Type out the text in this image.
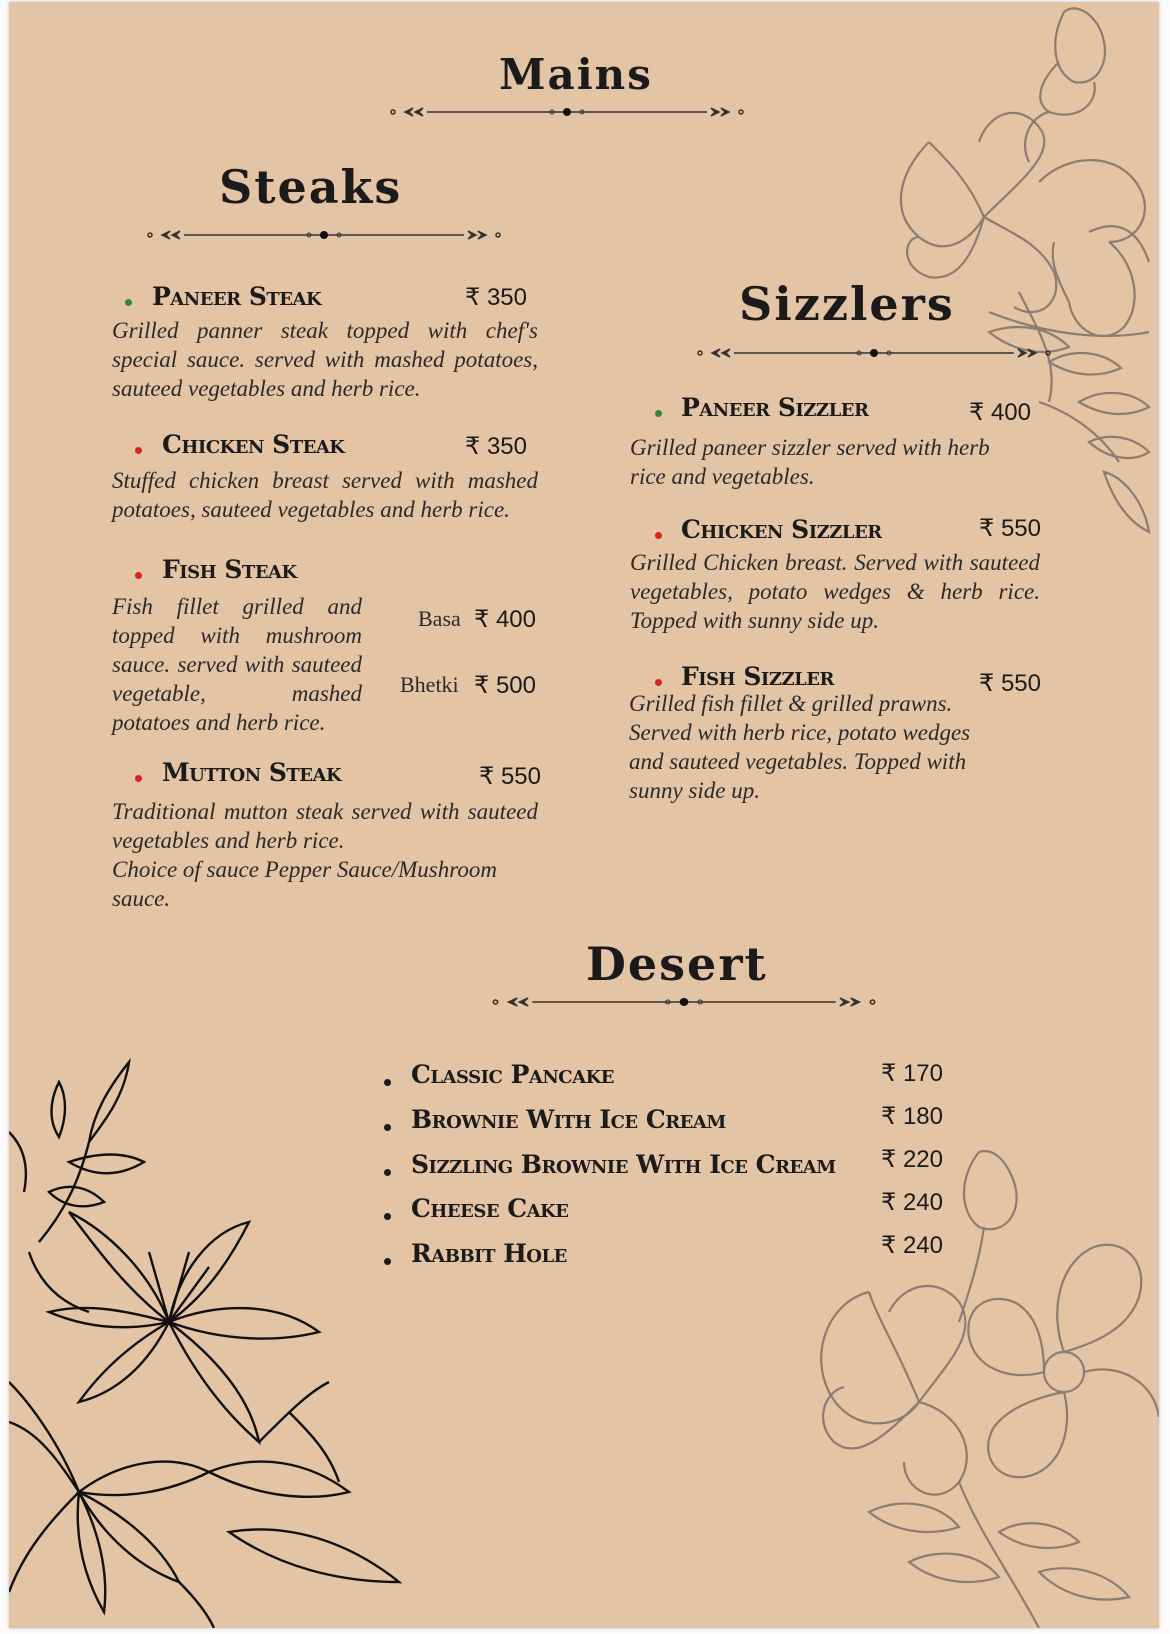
Mains
Steaks
Paneer Steak	₹ 350
Grilled panner steak topped with chef's special sauce. served with mashed potatoes, sauteed vegetables and herb rice.
Chicken Steak	₹ 350
Stuffed chicken breast served with mashed potatoes, sauteed vegetables and herb rice.
Fish Steak
Fish fillet grilled and topped with mushroom sauce. served with sauteed vegetable, mashed potatoes and herb rice.
Basa ₹ 400
Bhetki ₹ 500
Mutton Steak	₹ 550
Traditional mutton steak served with sauteed vegetables and herb rice.
Choice of sauce Pepper Sauce/Mushroom sauce.
Sizzlers
Paneer Sizzler	₹ 400
Grilled paneer sizzler served with herb rice and vegetables.
Chicken Sizzler	₹ 550
Grilled Chicken breast. Served with sauteed vegetables, potato wedges & herb rice. Topped with sunny side up.
Fish Sizzler	₹ 550
Grilled fish fillet & grilled prawns. Served with herb rice, potato wedges and sauteed vegetables. Topped with sunny side up.
Desert
Classic Pancake	₹ 170
Brownie With Ice Cream	₹ 180
Sizzling Brownie With Ice Cream ₹ 220
Cheese Cake	₹ 240
Rabbit Hole	₹ 240
